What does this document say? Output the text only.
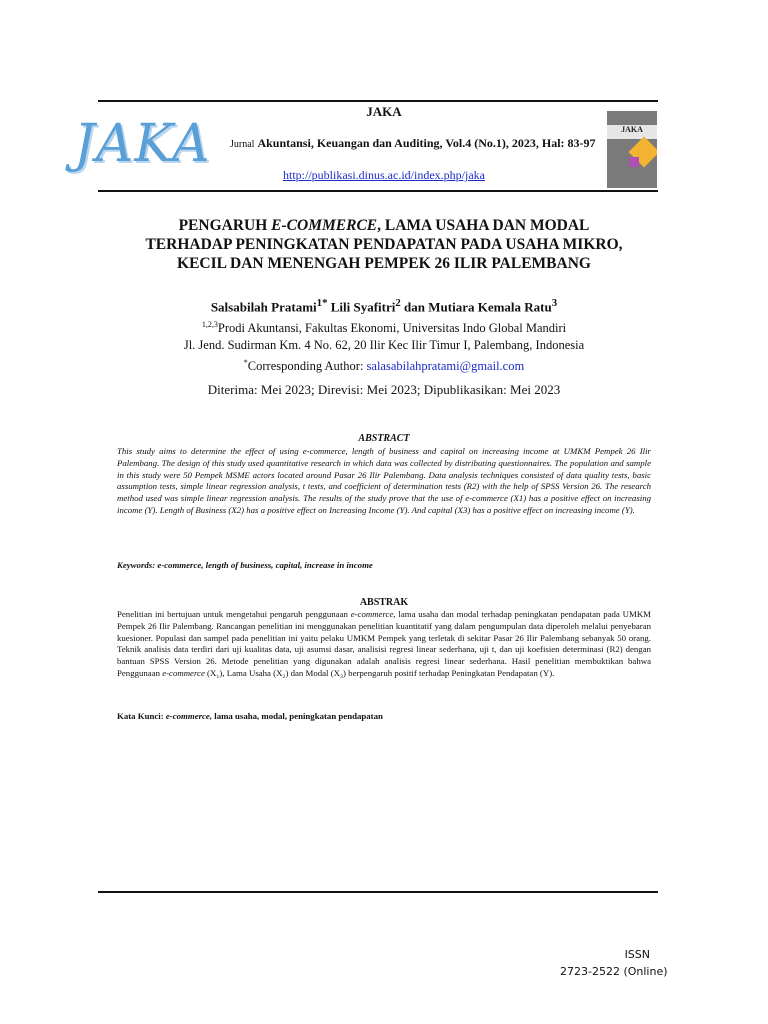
JAKA
JAKA Jurnal Akuntansi, Keuangan dan Auditing, Vol.4 (No.1), 2023, Hal: 83-97
http://publikasi.dinus.ac.id/index.php/jaka
JAKA
PENGARUH E-COMMERCE, LAMA USAHA DAN MODAL
TERHADAP PENINGKATAN PENDAPATAN PADA USAHA MIKRO,
KECIL DAN MENENGAH PEMPEK 26 ILIR PALEMBANG
Salsabilah Pratami$^{1*}$ Lili Syafitri$^2$ dan Mutiara Kemala Ratu$^3$
$^{1,2,3}$Prodi Akuntansi, Fakultas Ekonomi, Universitas Indo Global Mandiri
Jl. Jend. Sudirman Km. 4 No. 62, 20 Ilir Kec Ilir Timur I, Palembang, Indonesia
*Corresponding Author: salasabilahpratami@gmail.com
Diterima: Mei 2023; Direvisi: Mei 2023; Dipublikasikan: Mei 2023
ABSTRACT
This study aims to determine the effect of using e-commerce, length of business and capital on increasing income at UMKM Pempek 26 Ilir Palembang. The design of this study used quantitative research in which data was collected by distributing questionnaires. The population and sample in this study were 50 Pempek MSME actors located around Pasar 26 Ilir Palembang. Data analysis techniques consisted of data quality tests, basic assumption tests, simple linear regression analysis, t tests, and coefficient of determination tests (R2) with the help of SPSS Version 26. The research method used was simple linear regression analysis. The results of the study prove that the use of e-commerce (X1) has a positive effect on increasing income (Y). Length of Business (X2) has a positive effect on Increasing Income (Y). And capital (X3) has a positive effect on increasing income (Y).
Keywords: e-commerce, length of business, capital, increase in income
ABSTRAK
Penelitian ini bertujuan untuk mengetahui pengaruh penggunaan e-commerce, lama usaha dan modal terhadap peningkatan pendapatan pada UMKM Pempek 26 Ilir Palembang. Rancangan penelitian ini menggunakan penelitian kuantitatif yang dalam pengumpulan data diperoleh melalui penyebaran kuesioner. Populasi dan sampel pada penelitian ini yaitu pelaku UMKM Pempek yang terletak di sekitar Pasar 26 Ilir Palembang sebanyak 50 orang. Teknik analisis data terdiri dari uji kualitas data, uji asumsi dasar, analisisi regresi linear sederhana, uji t, dan uji koefisien determinasi (R2) dengan bantuan SPSS Version 26. Metode penelitian yang digunakan adalah analisis regresi linear sederhana. Hasil penelitian membuktikan bahwa Penggunaan e-commerce (X₁), Lama Usaha (X₂) dan Modal (X₃) berpengaruh positif terhadap Peningkatan Pendapatan (Y).
Kata Kunci: e-commerce, lama usaha, modal, peningkatan pendapatan
ISSN
2723-2522 (Online)
